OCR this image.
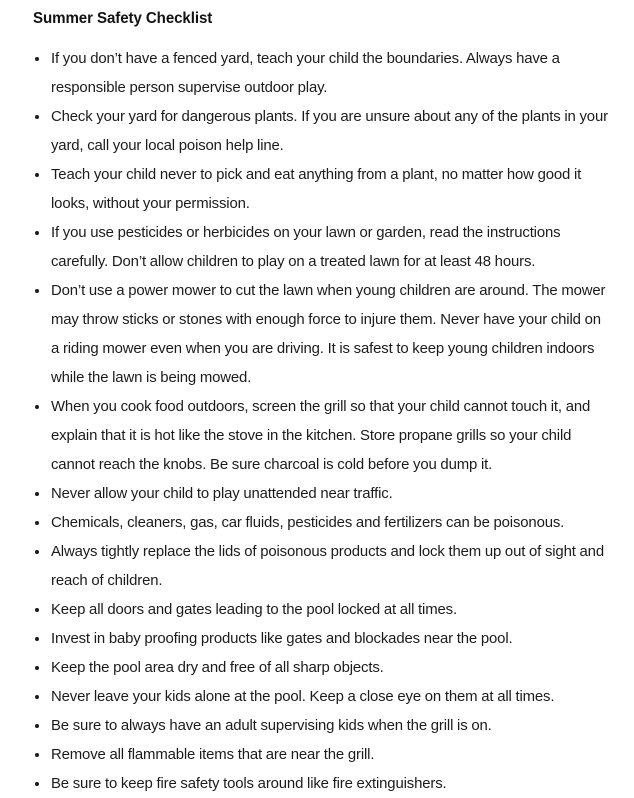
Summer Safety Checklist
If you don’t have a fenced yard, teach your child the boundaries. Always have a responsible person supervise outdoor play.
Check your yard for dangerous plants. If you are unsure about any of the plants in your yard, call your local poison help line.
Teach your child never to pick and eat anything from a plant, no matter how good it looks, without your permission.
If you use pesticides or herbicides on your lawn or garden, read the instructions carefully. Don’t allow children to play on a treated lawn for at least 48 hours.
Don’t use a power mower to cut the lawn when young children are around. The mower may throw sticks or stones with enough force to injure them. Never have your child on a riding mower even when you are driving. It is safest to keep young children indoors while the lawn is being mowed.
When you cook food outdoors, screen the grill so that your child cannot touch it, and explain that it is hot like the stove in the kitchen. Store propane grills so your child cannot reach the knobs. Be sure charcoal is cold before you dump it.
Never allow your child to play unattended near traffic.
Chemicals, cleaners, gas, car fluids, pesticides and fertilizers can be poisonous.
Always tightly replace the lids of poisonous products and lock them up out of sight and reach of children.
Keep all doors and gates leading to the pool locked at all times.
Invest in baby proofing products like gates and blockades near the pool.
Keep the pool area dry and free of all sharp objects.
Never leave your kids alone at the pool. Keep a close eye on them at all times.
Be sure to always have an adult supervising kids when the grill is on.
Remove all flammable items that are near the grill.
Be sure to keep fire safety tools around like fire extinguishers.
